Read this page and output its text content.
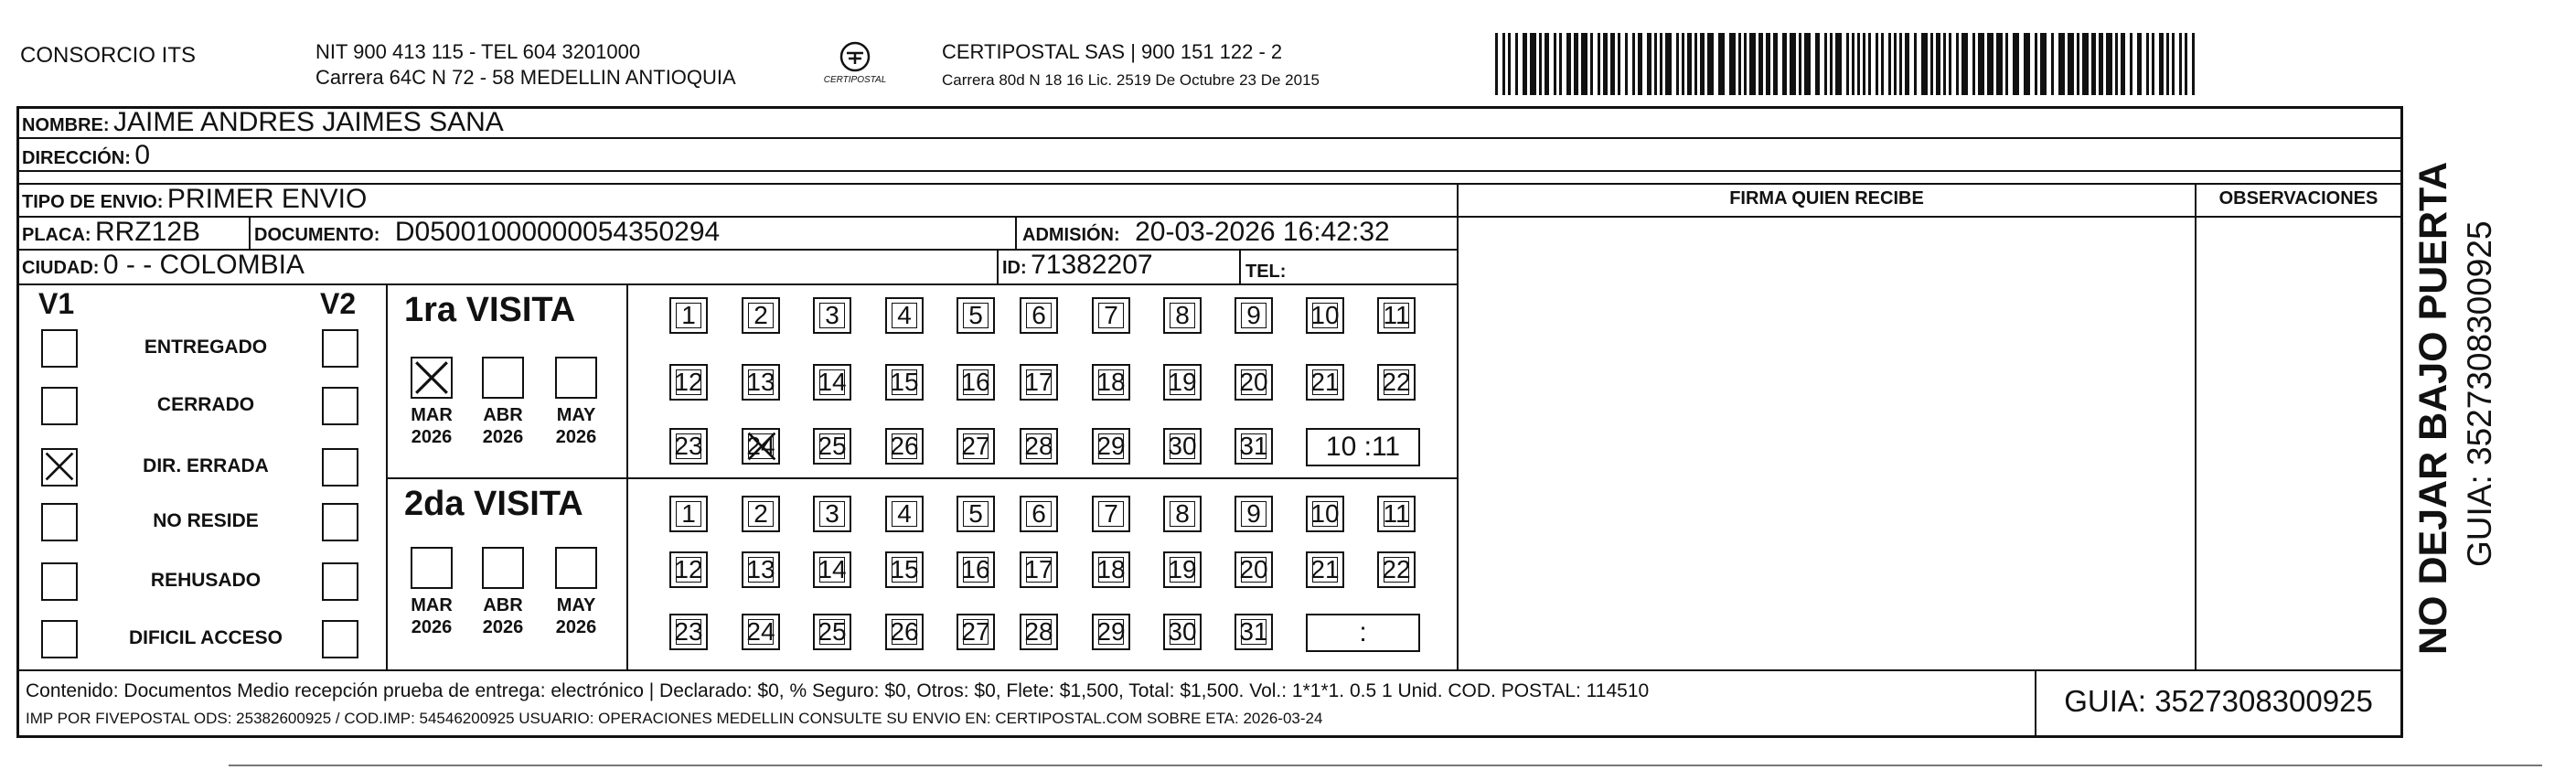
CONSORCIO ITS	NIT 900 413 115 - TEL 604 3201000
Carrera 64C N 72 - 58 MEDELLIN ANTIOQUIA	CERTIPOSTAL
CERTIPOSTAL SAS | 900 151 122 - 2
Carrera 80d N 18 16 Lic. 2519 De Octubre 23 De 2015
NOMBRE: JAIME ANDRES JAIMES SANA
DIRECCIÓN: 0
TIPO DE ENVIO: PRIMER ENVIO
PLACA: RRZ12B	DOCUMENTO: D05001000000054350294	ADMISIÓN: 20-03-2026 16:42:32
CIUDAD: 0 - - COLOMBIA	ID: 71382207	TEL:
FIRMA QUIEN RECIBE	OBSERVACIONES
V1	V2
ENTREGADO
CERRADO
DIR. ERRADA
NO RESIDE
REHUSADO
DIFICIL ACCESO
1ra VISITA
2da VISITA
MAR
2026
ABR
2026
MAY
2026
MAR
2026
ABR
2026
MAY
2026
1	2	3	4	5	6	7	8	9	10 11
12 13 14 15 16 17 18 19 20 21 22
23 24 25 26 27 28 29 30 31	10 :11
1	2	3	4	5	6	7	8	9	10 11
12 13 14 15 16 17 18 19 20 21 22
23 24 25 26 27 28 29 30 31	:	NO DEJAR BAJO PUERTA GUIA: 3527308300925
Contenido: Documentos Medio recepción prueba de entrega: electrónico | Declarado: $0, % Seguro: $0, Otros: $0, Flete: $1,500, Total: $1,500. Vol.: 1*1*1. 0.5 1 Unid. COD. POSTAL: 114510
IMP POR FIVEPOSTAL ODS: 25382600925 / COD.IMP: 54546200925 USUARIO: OPERACIONES MEDELLIN CONSULTE SU ENVIO EN: CERTIPOSTAL.COM SOBRE ETA: 2026-03-24
GUIA: 3527308300925
